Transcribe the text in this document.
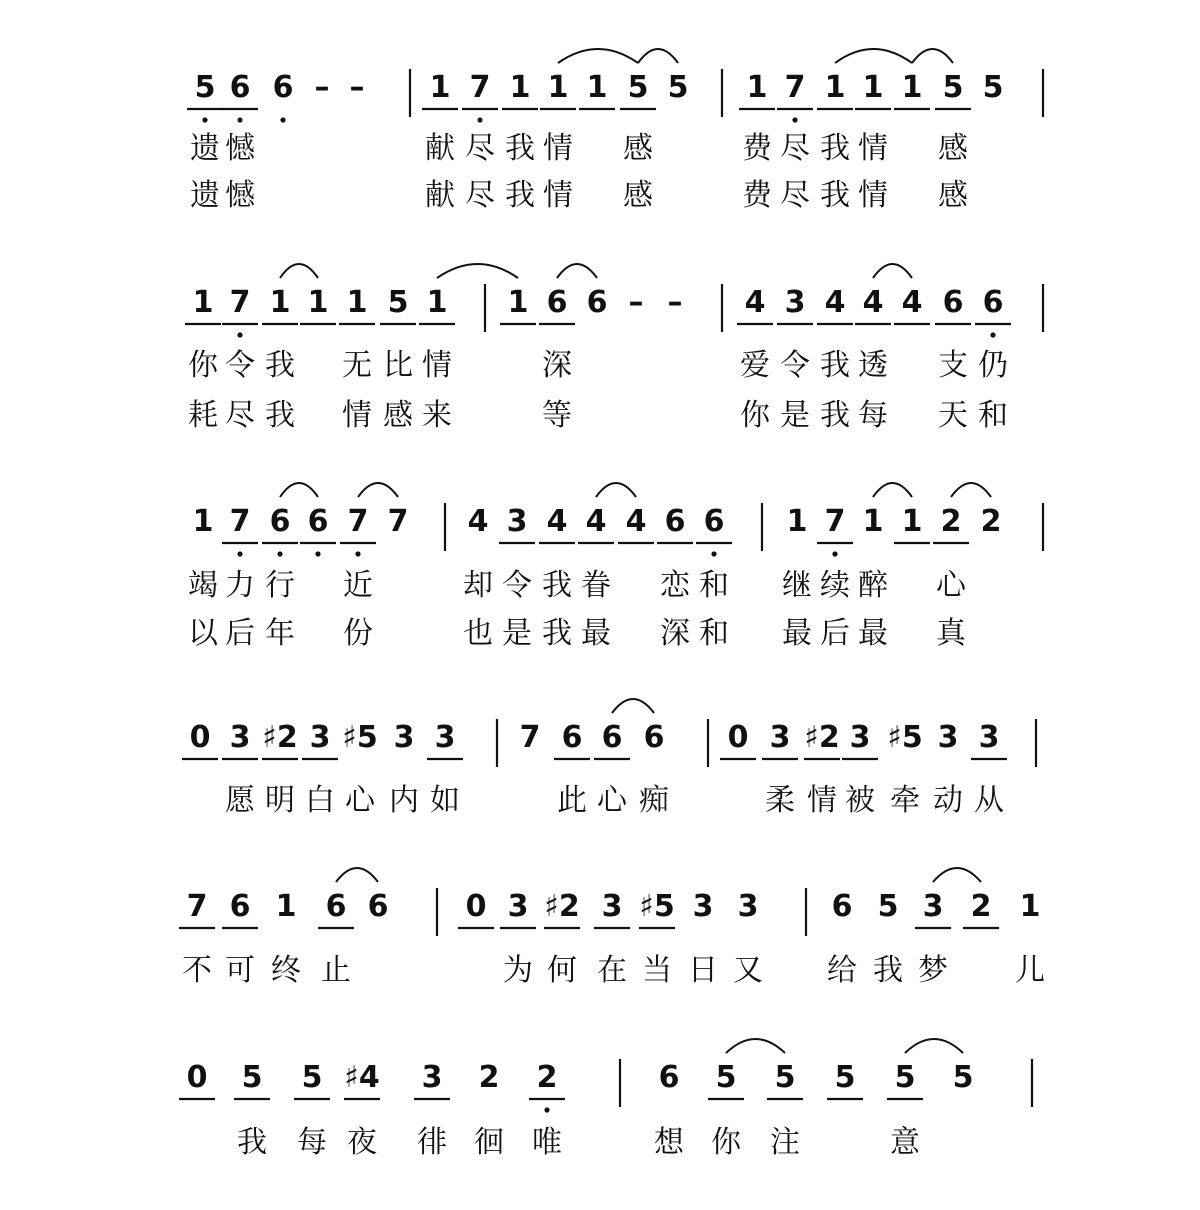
5 6 6 – – 1 7 1 1 1 5 5 1 7 1 1 1 5 5
遗 憾	献 尽 我 情 感	费 尽 我 情 感
遗 憾	献 尽 我 情 感	费 尽 我 情 感
1 7 1 1 1 5 1 1 6 6 – – 4 3 4 4 4 6 6
你 令 我 无 比 情	深	爱 令 我 透 支 仍
耗 尽 我 情 感 来	等	你 是 我 每 天 和
1 7 6 6 7 7 4 3 4 4 4 6 6 1 7 1 1 2 2
竭 力 行 近	却 令 我 眷 恋 和 继 续 醉 心
以 后 年 份	也 是 我 最 深 和 最 后 最 真
0 3 ♯2 3 ♯5 3 3 7 6 6 6 0 3 ♯2 3 ♯5 3 3
愿 明 白 心 内 如	此 心 痴	柔 情 被 牵 动 从
7 6 1 6 6	0 3 ♯2 3 ♯5 3 3 6 5 3 2 1
不 可 终 止	为 何 在 当 日 又 给 我 梦 儿
0 5 5 ♯4 3 2 2	6 5 5 5 5 5
我 每 夜 徘 徊 唯	想 你 注	意
